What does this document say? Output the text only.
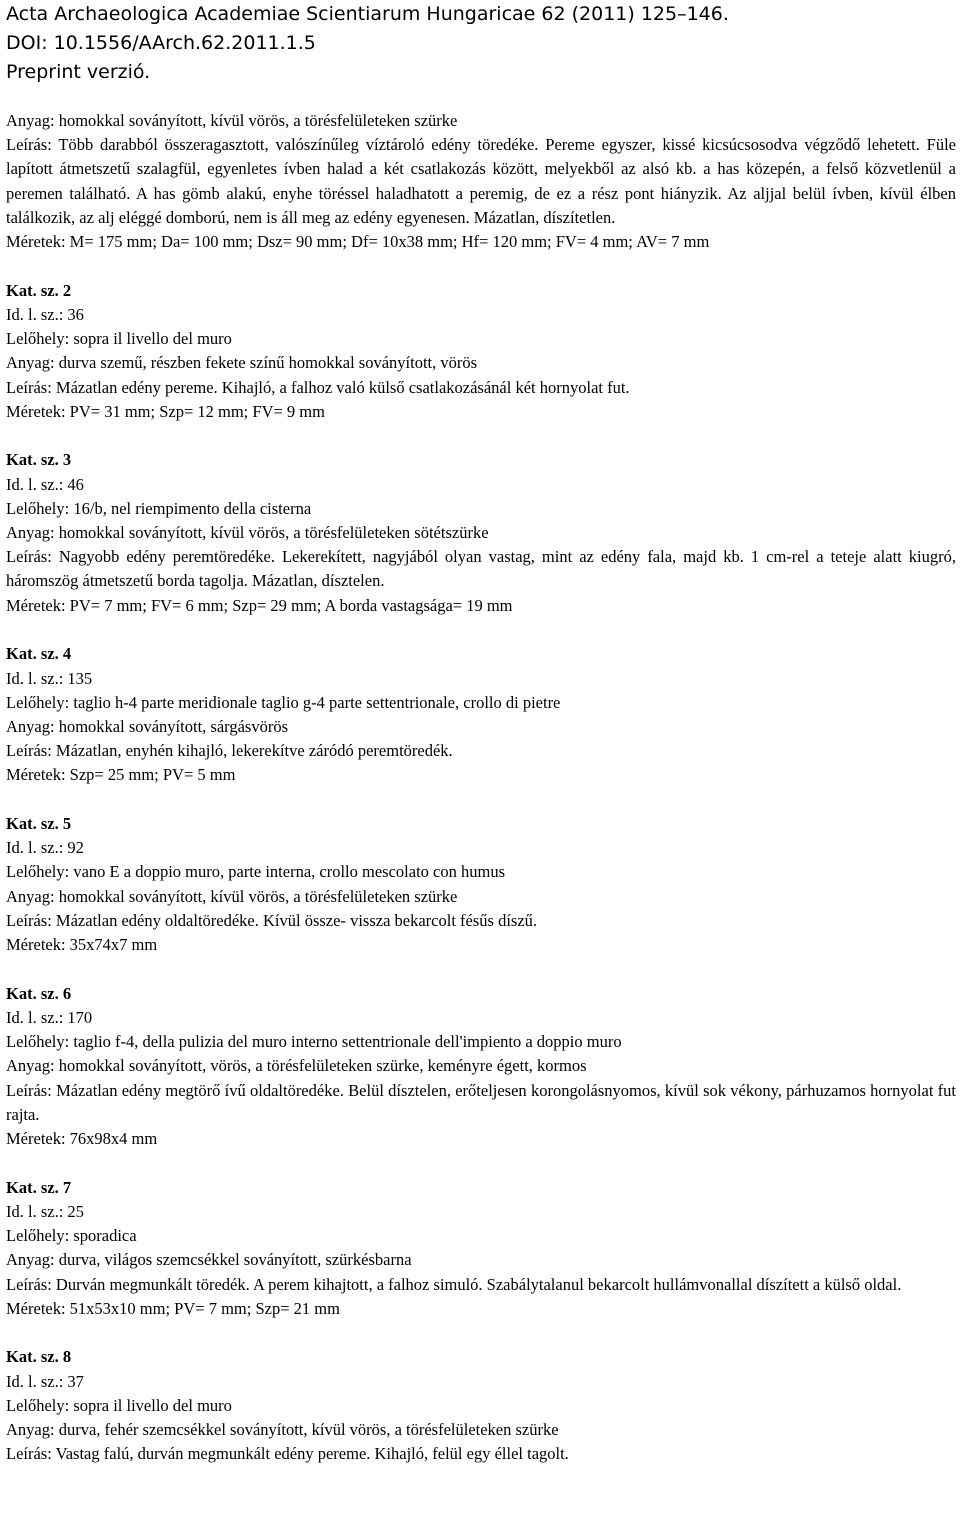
Acta Archaeologica Academiae Scientiarum Hungaricae 62 (2011) 125–146.
DOI: 10.1556/AArch.62.2011.1.5
Preprint verzió.
Anyag: homokkal soványított, kívül vörös, a törésfelületeken szürke
Leírás: Több darabból összeragasztott, valószínűleg víztároló edény töredéke. Pereme egyszer, kissé kicsúcsosodva végződő lehetett. Füle lapított átmetszetű szalagfül, egyenletes ívben halad a két csatlakozás között, melyekből az alsó kb. a has közepén, a felső közvetlenül a peremen található. A has gömb alakú, enyhe töréssel haladhatott a peremig, de ez a rész pont hiányzik. Az aljjal belül ívben, kívül élben találkozik, az alj eléggé domború, nem is áll meg az edény egyenesen. Mázatlan, díszítetlen.
Méretek: M= 175 mm; Da= 100 mm; Dsz= 90 mm; Df= 10x38 mm; Hf= 120 mm; FV= 4 mm; AV= 7 mm
Kat. sz. 2
Id. l. sz.: 36
Lelőhely: sopra il livello del muro
Anyag: durva szemű, részben fekete színű homokkal soványított, vörös
Leírás: Mázatlan edény pereme. Kihajló, a falhoz való külső csatlakozásánál két hornyolat fut.
Méretek: PV= 31 mm; Szp= 12 mm; FV= 9 mm
Kat. sz. 3
Id. l. sz.: 46
Lelőhely: 16/b, nel riempimento della cisterna
Anyag: homokkal soványított, kívül vörös, a törésfelületeken sötétszürke
Leírás: Nagyobb edény peremtöredéke. Lekerekített, nagyjából olyan vastag, mint az edény fala, majd kb. 1 cm-rel a teteje alatt kiugró, háromszög átmetszetű borda tagolja. Mázatlan, dísztelen.
Méretek: PV= 7 mm; FV= 6 mm; Szp= 29 mm; A borda vastagsága= 19 mm
Kat. sz. 4
Id. l. sz.: 135
Lelőhely: taglio h-4 parte meridionale taglio g-4 parte settentrionale, crollo di pietre
Anyag: homokkal soványított, sárgásvörös
Leírás: Mázatlan, enyhén kihajló, lekerekítve záródó peremtöredék.
Méretek: Szp= 25 mm; PV= 5 mm
Kat. sz. 5
Id. l. sz.: 92
Lelőhely: vano E a doppio muro, parte interna, crollo mescolato con humus
Anyag: homokkal soványított, kívül vörös, a törésfelületeken szürke
Leírás: Mázatlan edény oldaltöredéke. Kívül össze- vissza bekarcolt fésűs díszű.
Méretek: 35x74x7 mm
Kat. sz. 6
Id. l. sz.: 170
Lelőhely: taglio f-4, della pulizia del muro interno settentrionale dell'impiento a doppio muro
Anyag: homokkal soványított, vörös, a törésfelületeken szürke, keményre égett, kormos
Leírás: Mázatlan edény megtörő ívű oldaltöredéke. Belül dísztelen, erőteljesen korongolásnyomos, kívül sok vékony, párhuzamos hornyolat fut rajta.
Méretek: 76x98x4 mm
Kat. sz. 7
Id. l. sz.: 25
Lelőhely: sporadica
Anyag: durva, világos szemcsékkel soványított, szürkésbarna
Leírás: Durván megmunkált töredék. A perem kihajtott, a falhoz simuló. Szabálytalanul bekarcolt hullámvonallal díszített a külső oldal.
Méretek: 51x53x10 mm; PV= 7 mm; Szp= 21 mm
Kat. sz. 8
Id. l. sz.: 37
Lelőhely: sopra il livello del muro
Anyag: durva, fehér szemcsékkel soványított, kívül vörös, a törésfelületeken szürke
Leírás: Vastag falú, durván megmunkált edény pereme. Kihajló, felül egy éllel tagolt.
